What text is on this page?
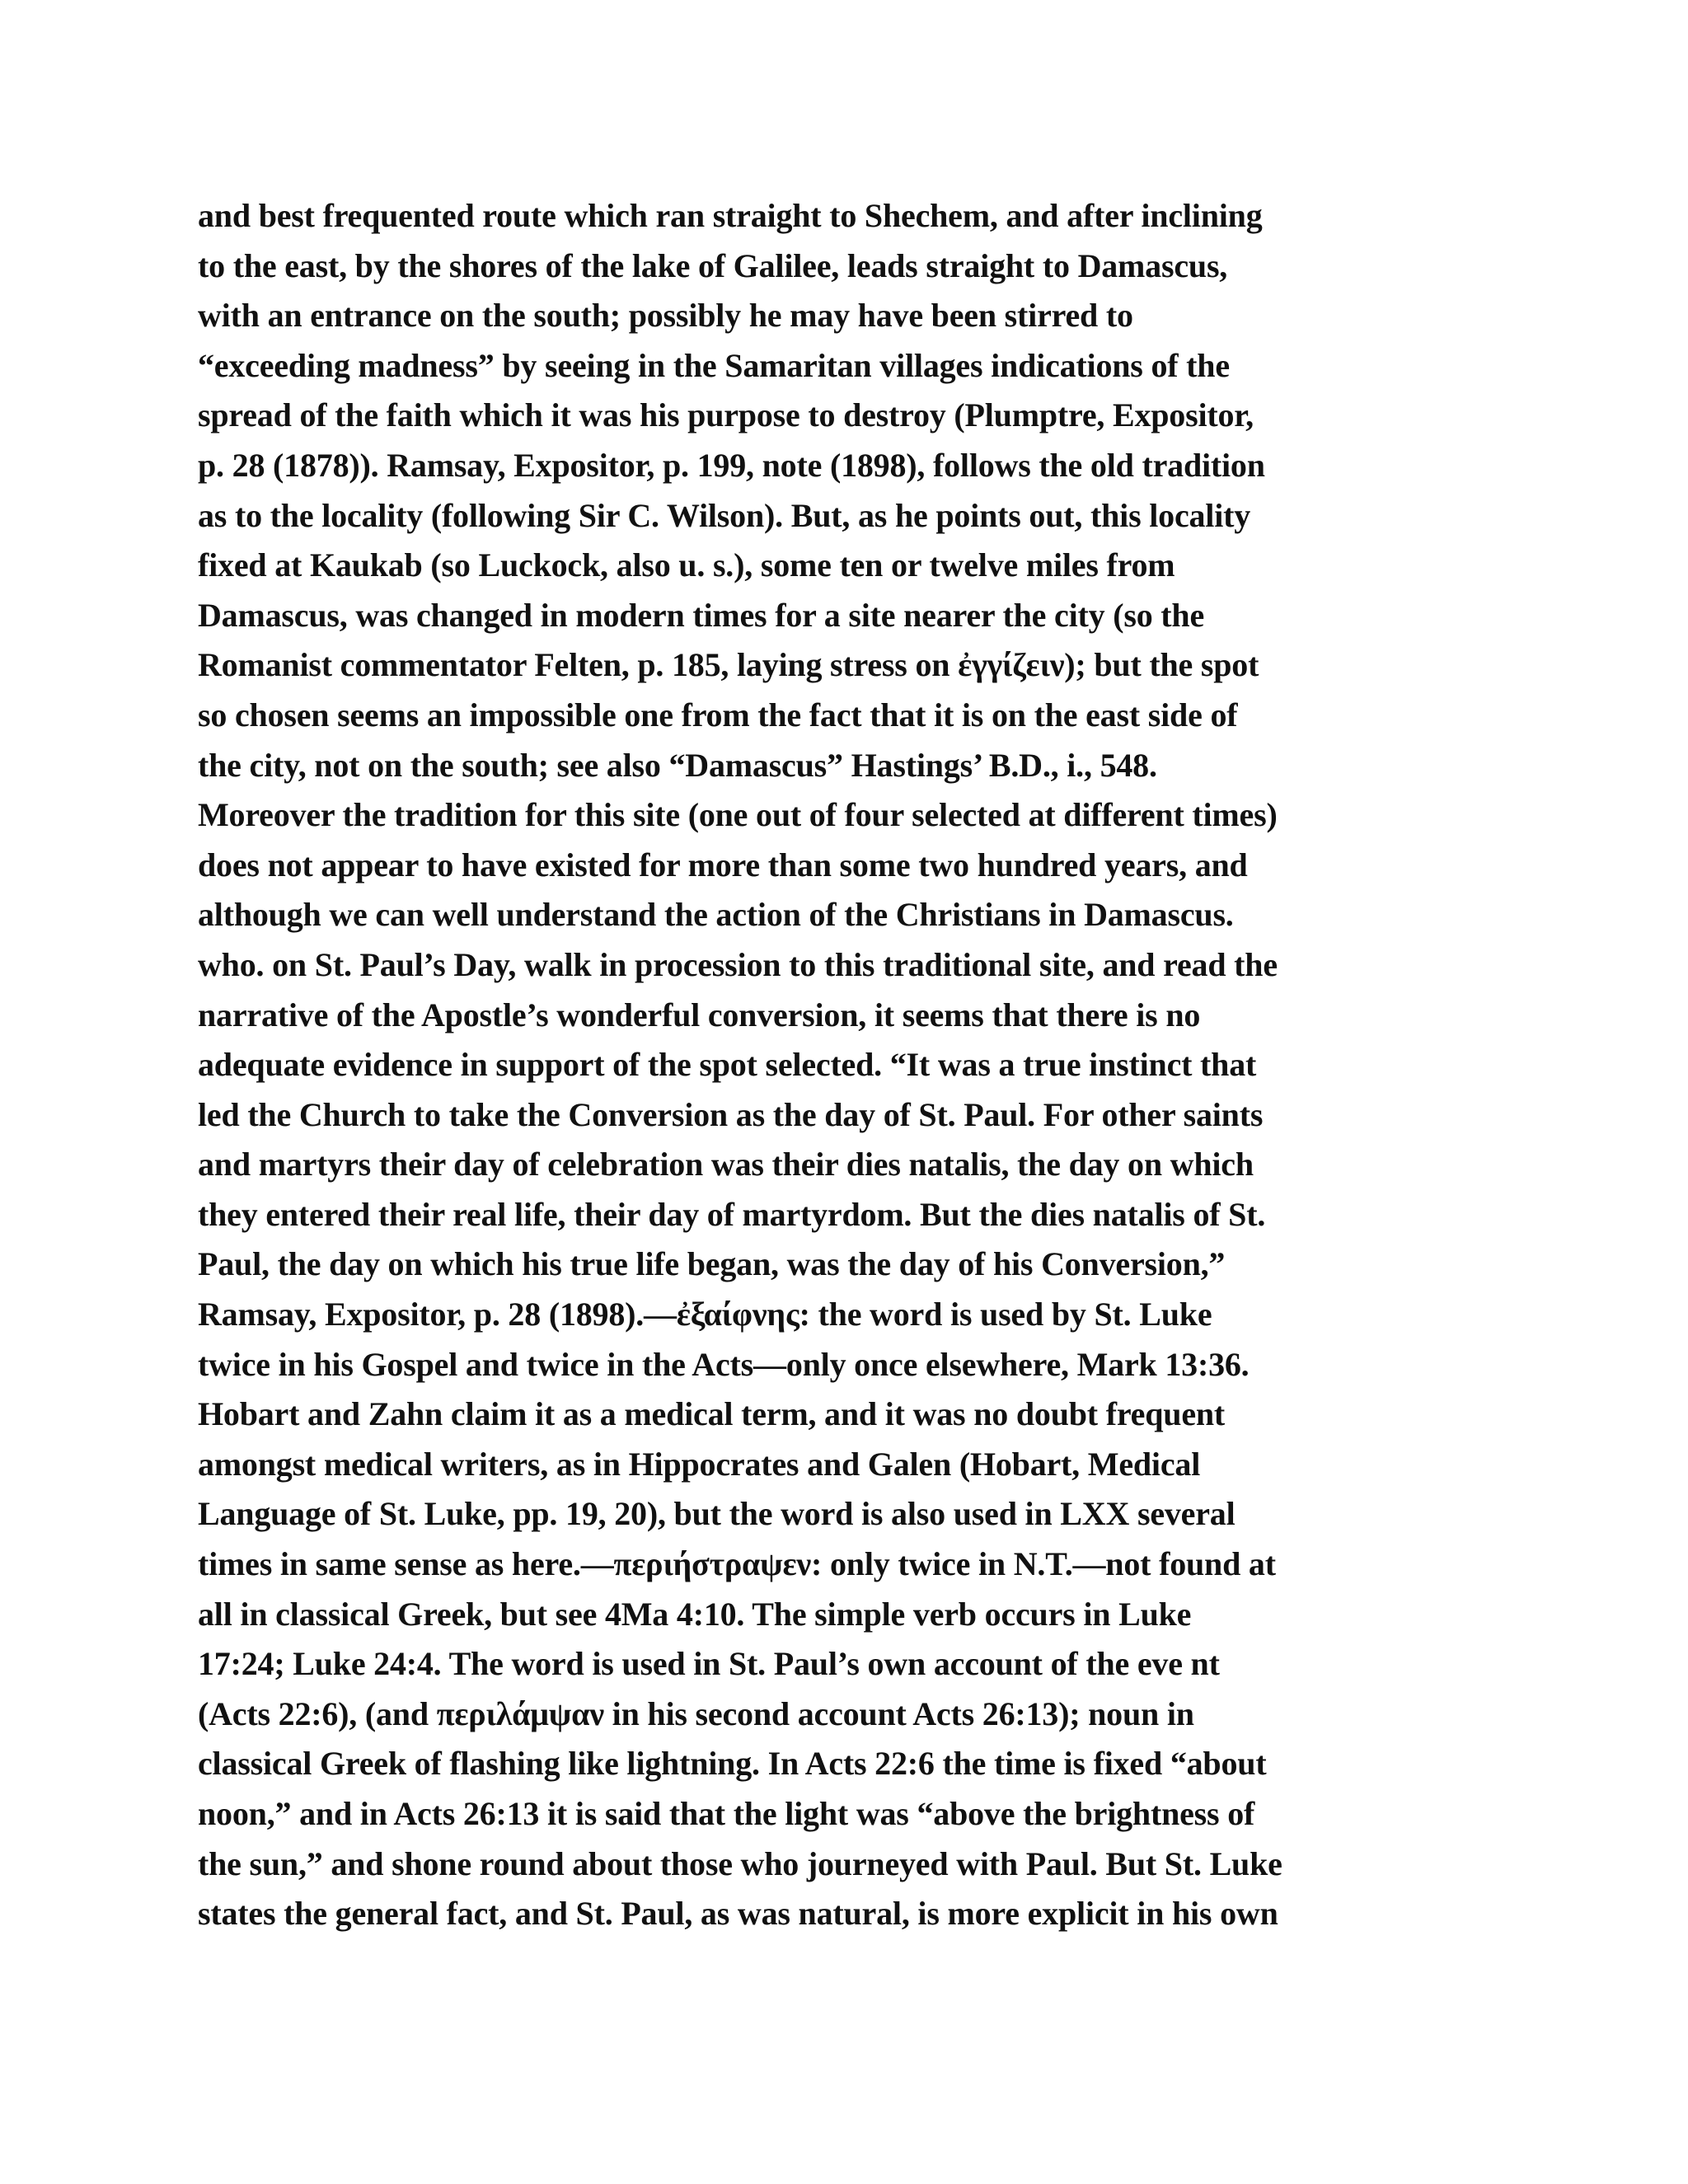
and best frequented route which ran straight to Shechem, and after inclining
to the east, by the shores of the lake of Galilee, leads straight to Damascus,
with an entrance on the south; possibly he may have been stirred to
“exceeding madness” by seeing in the Samaritan villages indications of the
spread of the faith which it was his purpose to destroy (Plumptre, Expositor,
p. 28 (1878)). Ramsay, Expositor, p. 199, note (1898), follows the old tradition
as to the locality (following Sir C. Wilson). But, as he points out, this locality
fixed at Kaukab (so Luckock, also u. s.), some ten or twelve miles from
Damascus, was changed in modern times for a site nearer the city (so the
Romanist commentator Felten, p. 185, laying stress on ἐγγίζειν); but the spot
so chosen seems an impossible one from the fact that it is on the east side of
the city, not on the south; see also “Damascus” Hastings’ B.D., i., 548.
Moreover the tradition for this site (one out of four selected at different times)
does not appear to have existed for more than some two hundred years, and
although we can well understand the action of the Christians in Damascus.
who. on St. Paul’s Day, walk in procession to this traditional site, and read the
narrative of the Apostle’s wonderful conversion, it seems that there is no
adequate evidence in support of the spot selected. “It was a true instinct that
led the Church to take the Conversion as the day of St. Paul. For other saints
and martyrs their day of celebration was their dies natalis, the day on which
they entered their real life, their day of martyrdom. But the dies natalis of St.
Paul, the day on which his true life began, was the day of his Conversion,”
Ramsay, Expositor, p. 28 (1898).—ἐξαίφνης: the word is used by St. Luke
twice in his Gospel and twice in the Acts—only once elsewhere, Mark 13:36.
Hobart and Zahn claim it as a medical term, and it was no doubt frequent
amongst medical writers, as in Hippocrates and Galen (Hobart, Medical
Language of St. Luke, pp. 19, 20), but the word is also used in LXX several
times in same sense as here.—περιήστραψεν: only twice in N.T.—not found at
all in classical Greek, but see 4Ma 4:10. The simple verb occurs in Luke
17:24; Luke 24:4. The word is used in St. Paul’s own account of the eve nt
(Acts 22:6), (and περιλάμψαν in his second account Acts 26:13); noun in
classical Greek of flashing like lightning. In Acts 22:6 the time is fixed “about
noon,” and in Acts 26:13 it is said that the light was “above the brightness of
the sun,” and shone round about those who journeyed with Paul. But St. Luke
states the general fact, and St. Paul, as was natural, is more explicit in his own
